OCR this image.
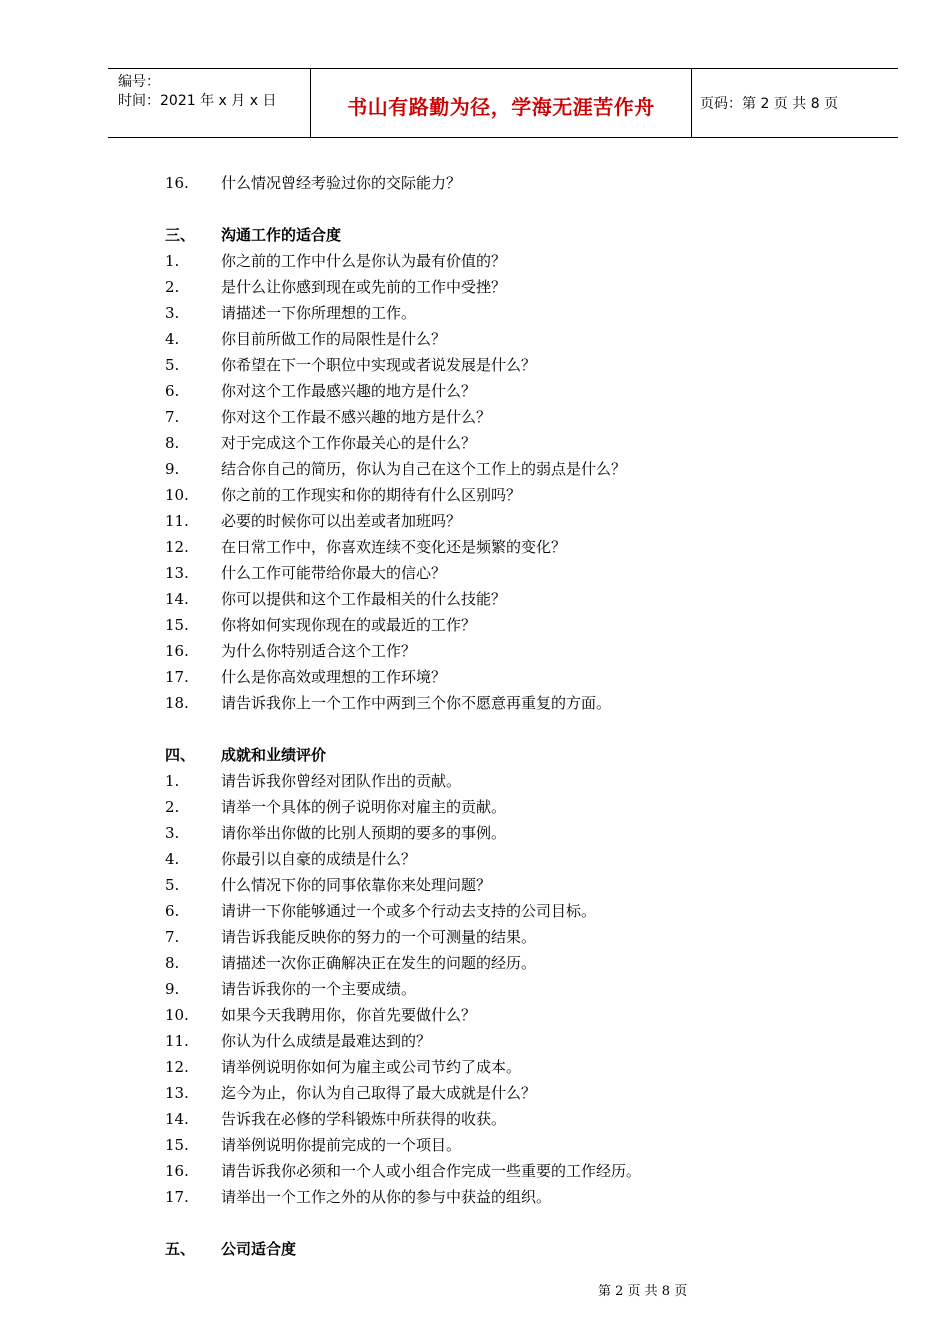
编号：
时间：2021 年 x 月 x 日	书山有路勤为径，学海无涯苦作舟	页码：第 2 页 共 8 页
16. 什么情况曾经考验过你的交际能力？
三、 沟通工作的适合度
1.	你之前的工作中什么是你认为最有价值的？
2.	是什么让你感到现在或先前的工作中受挫？
3.	请描述一下你所理想的工作。
4.	你目前所做工作的局限性是什么？
5.	你希望在下一个职位中实现或者说发展是什么？
6.	你对这个工作最感兴趣的地方是什么？
7.	你对这个工作最不感兴趣的地方是什么？
8.	对于完成这个工作你最关心的是什么？
9.	结合你自己的简历，你认为自己在这个工作上的弱点是什么？
10. 你之前的工作现实和你的期待有什么区别吗？
11. 必要的时候你可以出差或者加班吗？
12. 在日常工作中，你喜欢连续不变化还是频繁的变化？
13. 什么工作可能带给你最大的信心？
14. 你可以提供和这个工作最相关的什么技能？
15. 你将如何实现你现在的或最近的工作？
16. 为什么你特别适合这个工作？
17. 什么是你高效或理想的工作环境？
18. 请告诉我你上一个工作中两到三个你不愿意再重复的方面。
四、 成就和业绩评价
1.	请告诉我你曾经对团队作出的贡献。
2.	请举一个具体的例子说明你对雇主的贡献。
3.	请你举出你做的比别人预期的要多的事例。
4.	你最引以自豪的成绩是什么？
5.	什么情况下你的同事依靠你来处理问题？
6.	请讲一下你能够通过一个或多个行动去支持的公司目标。
7.	请告诉我能反映你的努力的一个可测量的结果。
8.	请描述一次你正确解决正在发生的问题的经历。
9.	请告诉我你的一个主要成绩。
10. 如果今天我聘用你，你首先要做什么？
11. 你认为什么成绩是最难达到的？
12. 请举例说明你如何为雇主或公司节约了成本。
13. 迄今为止，你认为自己取得了最大成就是什么？
14. 告诉我在必修的学科锻炼中所获得的收获。
15. 请举例说明你提前完成的一个项目。
16. 请告诉我你必须和一个人或小组合作完成一些重要的工作经历。
17. 请举出一个工作之外的从你的参与中获益的组织。
五、 公司适合度
第 2 页 共 8 页
